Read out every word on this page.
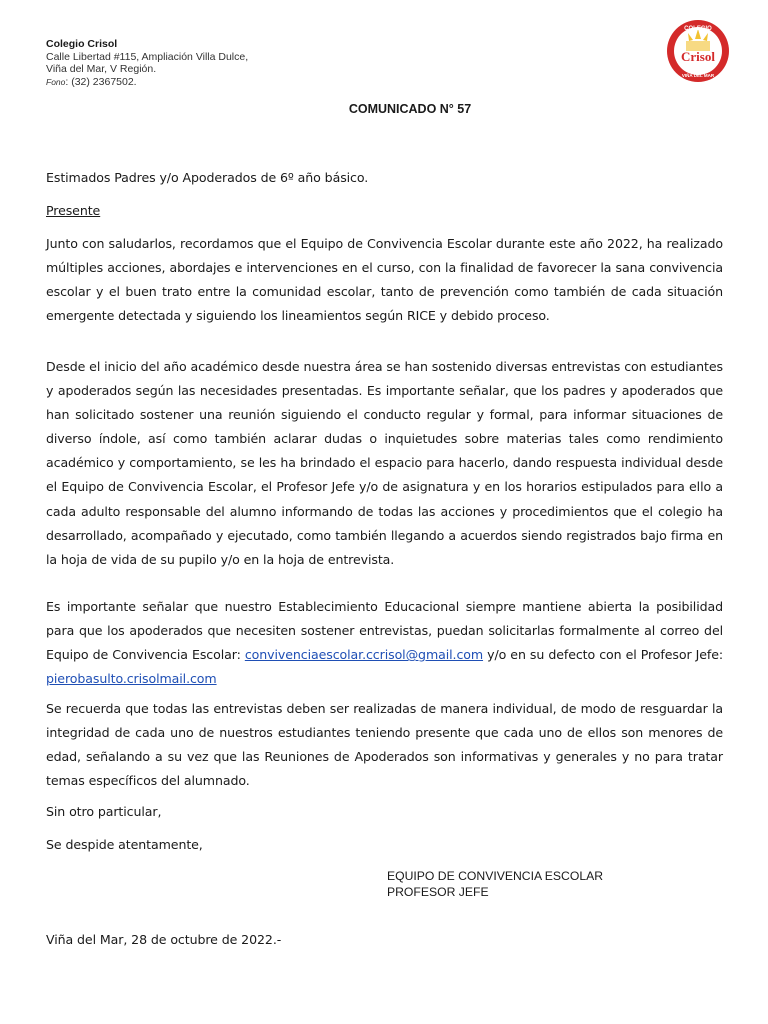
Colegio Crisol
Calle Libertad #115, Ampliación Villa Dulce,
Viña del Mar, V Región.
Fono: (32) 2367502.
COLEGIO
Crisol
VIÑA DEL MAR
COMUNICADO N° 57
Estimados Padres y/o Apoderados de 6º año básico.
Presente
Junto con saludarlos, recordamos que el Equipo de Convivencia Escolar durante este año 2022, ha realizado múltiples acciones, abordajes e intervenciones en el curso, con la finalidad de favorecer la sana convivencia escolar y el buen trato entre la comunidad escolar, tanto de prevención como también de cada situación emergente detectada y siguiendo los lineamientos según RICE y debido proceso.
Desde el inicio del año académico desde nuestra área se han sostenido diversas entrevistas con estudiantes y apoderados según las necesidades presentadas. Es importante señalar, que los padres y apoderados que han solicitado sostener una reunión siguiendo el conducto regular y formal, para informar situaciones de diverso índole, así como también aclarar dudas o inquietudes sobre materias tales como rendimiento académico y comportamiento, se les ha brindado el espacio para hacerlo, dando respuesta individual desde el Equipo de Convivencia Escolar, el Profesor Jefe y/o de asignatura y en los horarios estipulados para ello a cada adulto responsable del alumno informando de todas las acciones y procedimientos que el colegio ha desarrollado, acompañado y ejecutado, como también llegando a acuerdos siendo registrados bajo firma en la hoja de vida de su pupilo y/o en la hoja de entrevista.
Es importante señalar que nuestro Establecimiento Educacional siempre mantiene abierta la posibilidad para que los apoderados que necesiten sostener entrevistas, puedan solicitarlas formalmente al correo del Equipo de Convivencia Escolar: convivenciaescolar.ccrisol@gmail.com y/o en su defecto con el Profesor Jefe: pierobasulto.crisolmail.com
Se recuerda que todas las entrevistas deben ser realizadas de manera individual, de modo de resguardar la integridad de cada uno de nuestros estudiantes teniendo presente que cada uno de ellos son menores de edad, señalando a su vez que las Reuniones de Apoderados son informativas y generales y no para tratar temas específicos del alumnado.
Sin otro particular,
Se despide atentamente,
EQUIPO DE CONVIVENCIA ESCOLAR
PROFESOR JEFE
Viña del Mar, 28 de octubre de 2022.-
